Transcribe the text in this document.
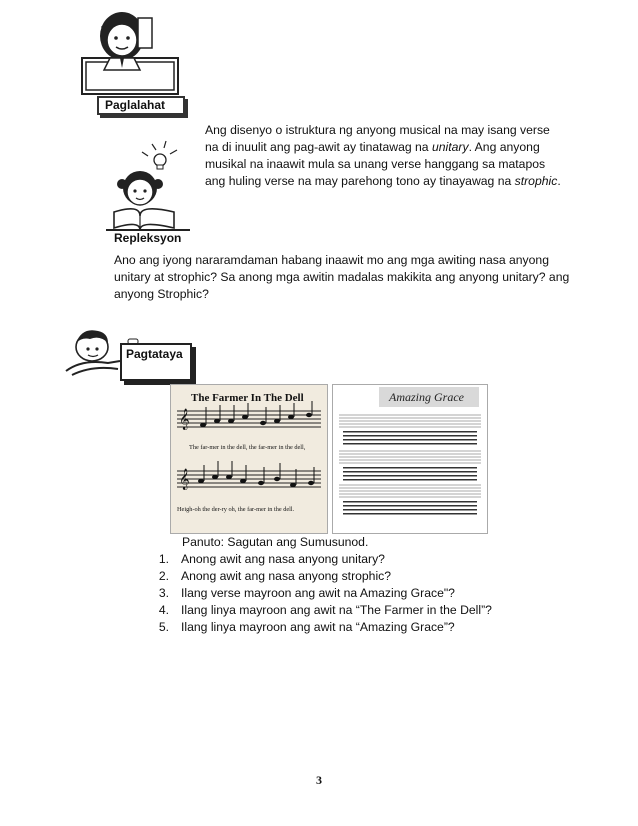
Paglalahat

Ang disenyo o istruktura ng anyong musical na may isang verse na di inuulit ang pag-awit ay tinatawag na unitary. Ang anyong musikal na inaawit mula sa unang verse hanggang sa matapos ang huling verse na may parehong tono ay tinayawag na strophic.

Repleksyon

Ano ang iyong nararamdaman habang inaawit mo ang mga awiting nasa anyong unitary at strophic? Sa anong mga awitin madalas makikita ang anyong unitary? ang anyong Strophic?

Pagtataya
The Farmer In The Dell
𝄞
𝄞
The far-mer in the dell, the far-mer in the dell,
Heigh-oh the der-ry oh, the far-mer in the dell.
Amazing Grace
Panuto: Sagutan ang Sumusunod.
1. Anong awit ang nasa anyong unitary?
2. Anong awit ang nasa anyong strophic?
3. Ilang verse mayroon ang awit na Amazing Grace"?
4. Ilang linya mayroon ang awit na “The Farmer in the Dell”?
5. Ilang linya mayroon ang awit na “Amazing Grace”?
3
